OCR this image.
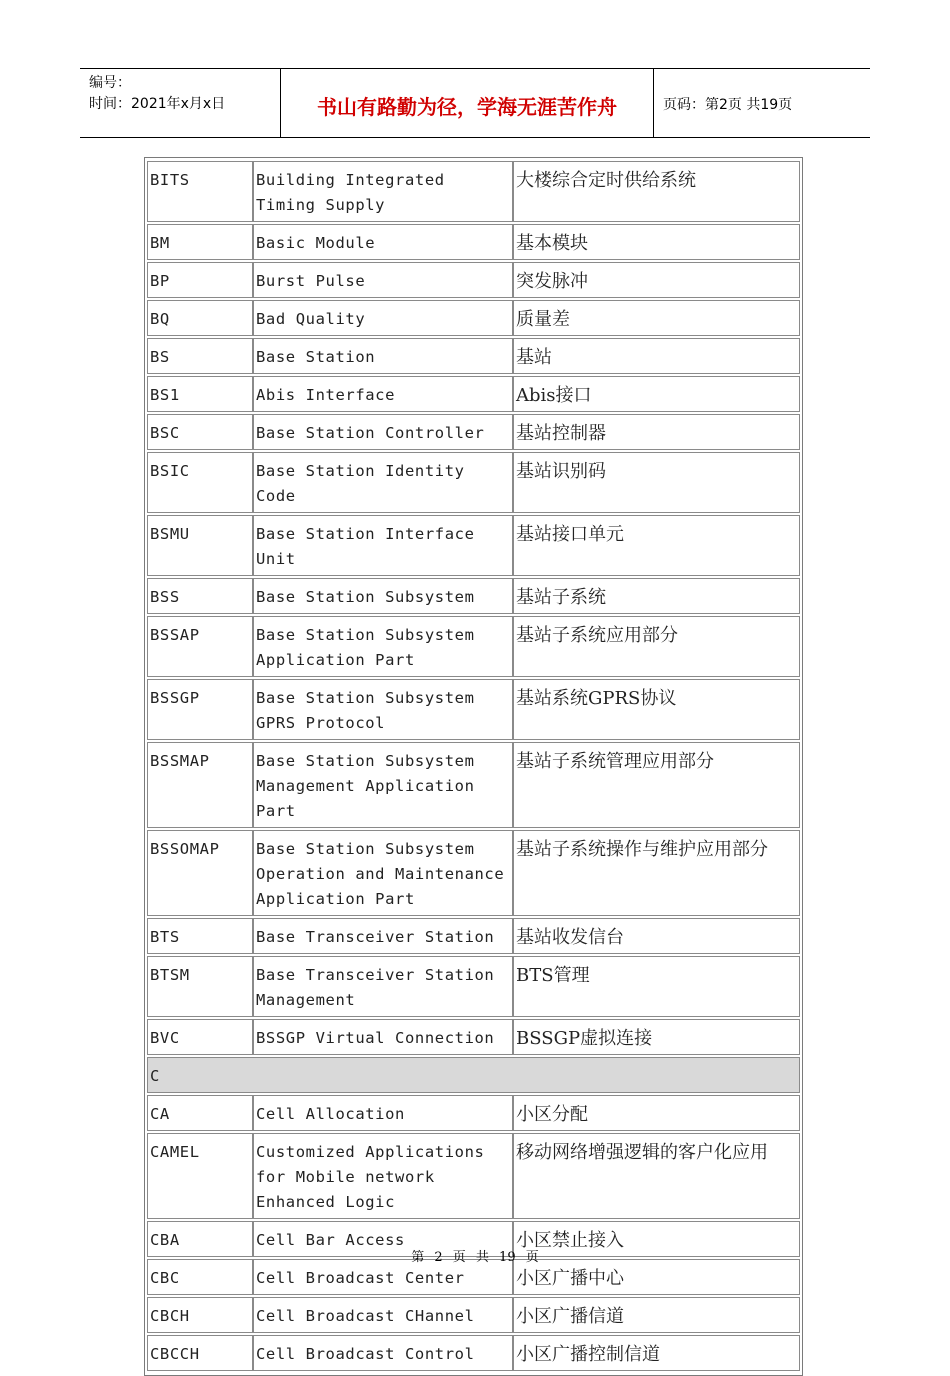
编号：
时间：2021年x月x日	书山有路勤为径，学海无涯苦作舟	页码：第2页 共19页
BITS	Building Integrated Timing Supply	大楼综合定时供给系统
BM	Basic Module	基本模块
BP	Burst Pulse	突发脉冲
BQ	Bad Quality	质量差
BS	Base Station	基站
BS1	Abis Interface	Abis接口
BSC	Base Station Controller	基站控制器
BSIC	Base Station Identity Code	基站识别码
BSMU	Base Station Interface Unit	基站接口单元
BSS	Base Station Subsystem	基站子系统
BSSAP	Base Station Subsystem Application Part	基站子系统应用部分
BSSGP	Base Station Subsystem GPRS Protocol	基站系统GPRS协议
BSSMAP	Base Station Subsystem Management Application Part	基站子系统管理应用部分
BSSOMAP	Base Station Subsystem Operation and Maintenance Application Part	基站子系统操作与维护应用部分
BTS	Base Transceiver Station	基站收发信台
BTSM	Base Transceiver Station Management	BTS管理
BVC	BSSGP Virtual Connection	BSSGP虚拟连接
C		
CA	Cell Allocation	小区分配
CAMEL	Customized Applications for Mobile network Enhanced Logic	移动网络增强逻辑的客户化应用
CBA	Cell Bar Access	小区禁止接入
CBC	Cell Broadcast Center	小区广播中心
CBCH	Cell Broadcast CHannel	小区广播信道
CBCCH	Cell Broadcast Control	小区广播控制信道
第 2 页 共 19 页
